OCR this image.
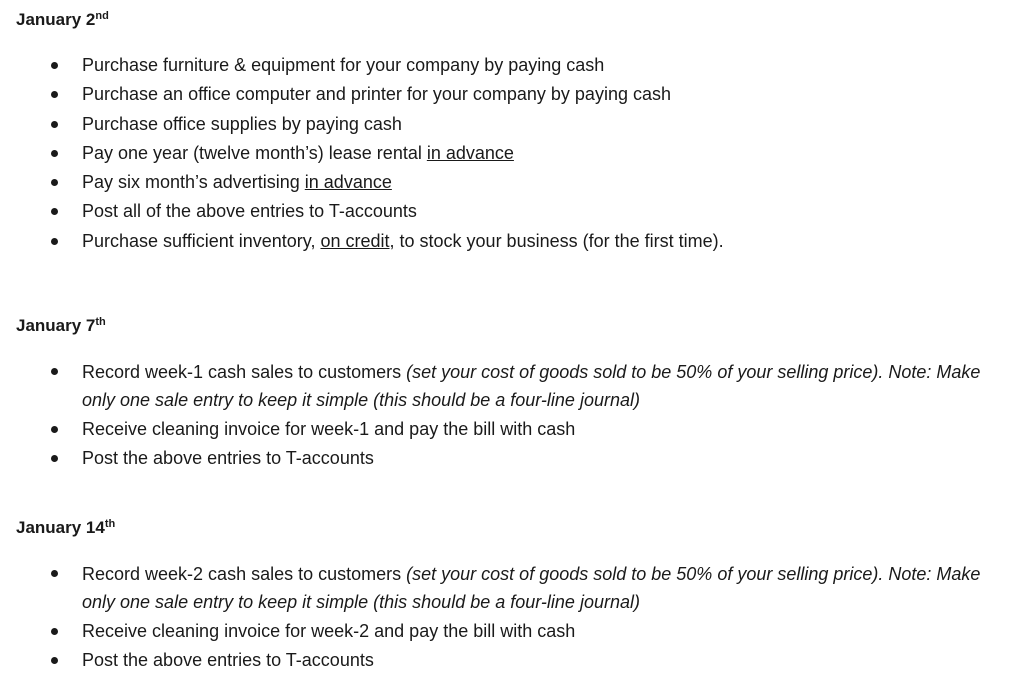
January 2nd

Purchase furniture & equipment for your company by paying cash
Purchase an office computer and printer for your company by paying cash
Purchase office supplies by paying cash
Pay one year (twelve month’s) lease rental in advance
Pay six month’s advertising in advance
Post all of the above entries to T-accounts
Purchase sufficient inventory, on credit, to stock your business (for the first time).

January 7th

Record week-1 cash sales to customers (set your cost of goods sold to be 50% of your selling price). Note: Make only one sale entry to keep it simple (this should be a four-line journal)
Receive cleaning invoice for week-1 and pay the bill with cash
Post the above entries to T-accounts

January 14th

Record week-2 cash sales to customers (set your cost of goods sold to be 50% of your selling price). Note: Make only one sale entry to keep it simple (this should be a four-line journal)
Receive cleaning invoice for week-2 and pay the bill with cash
Post the above entries to T-accounts
